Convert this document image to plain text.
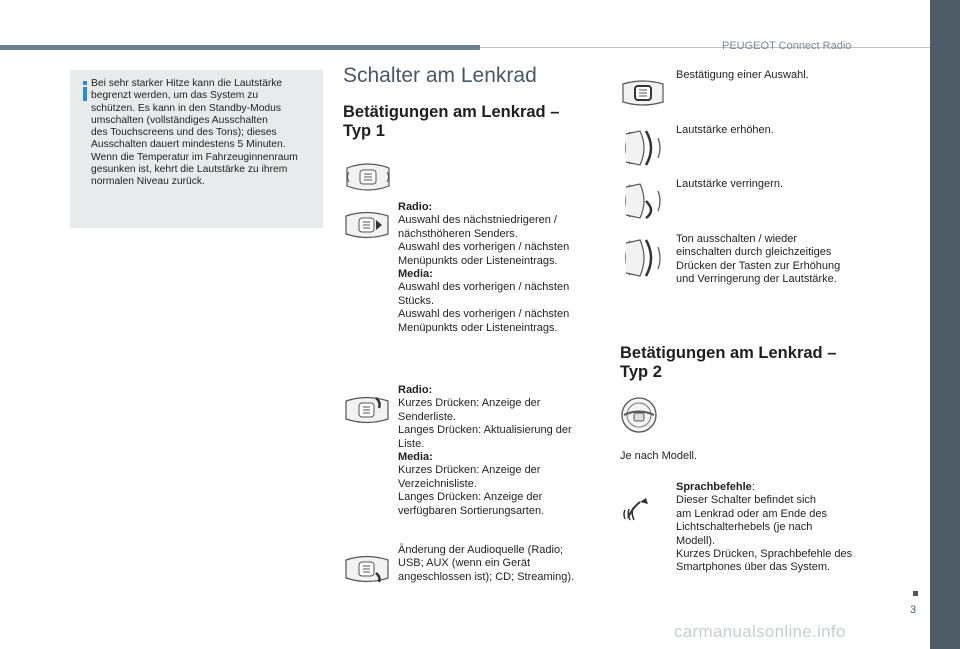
PEUGEOT Connect Radio
Bei sehr starker Hitze kann die Lautstärke
begrenzt werden, um das System zu
schützen. Es kann in den Standby-Modus
umschalten (vollständiges Ausschalten
des Touchscreens und des Tons); dieses
Ausschalten dauert mindestens 5 Minuten.
Wenn die Temperatur im Fahrzeuginnenraum
gesunken ist, kehrt die Lautstärke zu ihrem
normalen Niveau zurück.
Schalter am Lenkrad
Betätigungen am Lenkrad –
Typ 1
Radio:
Auswahl des nächstniedrigeren /
nächsthöheren Senders.
Auswahl des vorherigen / nächsten
Menüpunkts oder Listeneintrags.
Media:
Auswahl des vorherigen / nächsten
Stücks.
Auswahl des vorherigen / nächsten
Menüpunkts oder Listeneintrags.
Radio:
Kurzes Drücken: Anzeige der
Senderliste.
Langes Drücken: Aktualisierung der
Liste.
Media:
Kurzes Drücken: Anzeige der
Verzeichnisliste.
Langes Drücken: Anzeige der
verfügbaren Sortierungsarten.
Änderung der Audioquelle (Radio;
USB; AUX (wenn ein Gerät
angeschlossen ist); CD; Streaming).
Bestätigung einer Auswahl.
Lautstärke erhöhen.
Lautstärke verringern.
Ton ausschalten / wieder
einschalten durch gleichzeitiges
Drücken der Tasten zur Erhöhung
und Verringerung der Lautstärke.
Betätigungen am Lenkrad –
Typ 2
Je nach Modell.
Sprachbefehle:
Dieser Schalter befindet sich
am Lenkrad oder am Ende des
Lichtschalterhebels (je nach
Modell).
Kurzes Drücken, Sprachbefehle des
Smartphones über das System.
3
carmanualsonline.info
